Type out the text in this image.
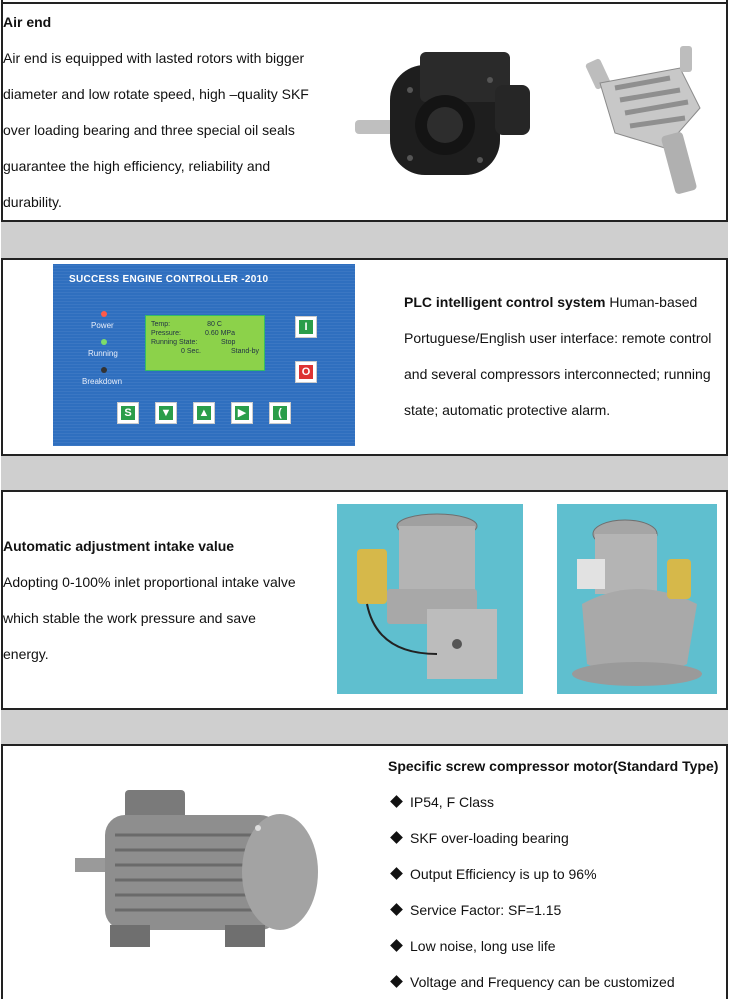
Air end
Air end is equipped with lasted rotors with bigger
diameter and low rotate speed, high –quality SKF
over loading bearing and three special oil seals
guarantee the high efficiency, reliability and
durability.
SUCCESS ENGINE CONTROLLER -2010
Power
Running
Breakdown
Temp:	80 C
Pressure:	0.60 MPa
Running State:	Stop
0 Sec.	Stand-by
I
O
S	▼ ▲	▶	(
PLC intelligent control system Human-based
Portuguese/English user interface: remote control
and several compressors interconnected; running
state; automatic protective alarm.
Automatic adjustment intake value
Adopting 0-100% inlet proportional intake valve
which stable the work pressure and save
energy.
Specific screw compressor motor(Standard Type)
IP54, F Class
SKF over-loading bearing
Output Efficiency is up to 96%
Service Factor: SF=1.15
Low noise, long use life
Voltage and Frequency can be customized
